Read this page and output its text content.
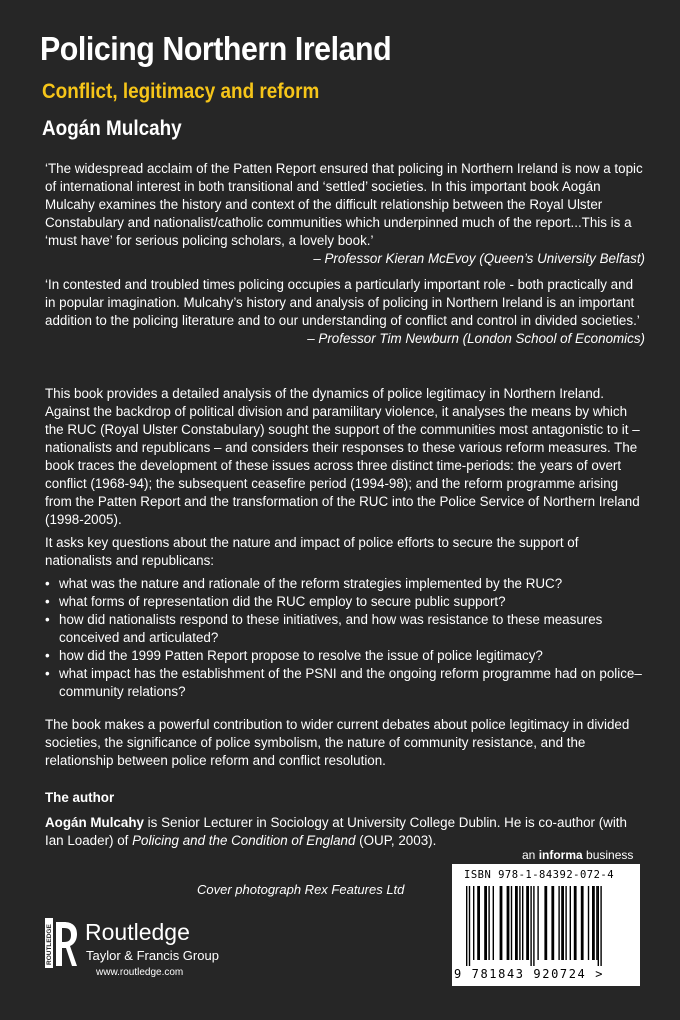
Policing Northern Ireland
Conflict, legitimacy and reform
Aogán Mulcahy

‘The widespread acclaim of the Patten Report ensured that policing in Northern Ireland is now a topic of international interest in both transitional and ‘settled’ societies. In this important book Aogán Mulcahy examines the history and context of the difficult relationship between the Royal Ulster Constabulary and nationalist/catholic communities which underpinned much of the report...This is a ‘must have’ for serious policing scholars, a lovely book.’

– Professor Kieran McEvoy (Queen’s University Belfast)

‘In contested and troubled times policing occupies a particularly important role - both practically and in popular imagination. Mulcahy’s history and analysis of policing in Northern Ireland is an important addition to the policing literature and to our understanding of conflict and control in divided societies.’

– Professor Tim Newburn (London School of Economics)

This book provides a detailed analysis of the dynamics of police legitimacy in Northern Ireland. Against the backdrop of political division and paramilitary violence, it analyses the means by which the RUC (Royal Ulster Constabulary) sought the support of the communities most antagonistic to it – nationalists and republicans – and considers their responses to these various reform measures. The book traces the development of these issues across three distinct time-periods: the years of overt conflict (1968-94); the subsequent ceasefire period (1994-98); and the reform programme arising from the Patten Report and the transformation of the RUC into the Police Service of Northern Ireland (1998-2005).

It asks key questions about the nature and impact of police efforts to secure the support of nationalists and republicans:

• what was the nature and rationale of the reform strategies implemented by the RUC?
• what forms of representation did the RUC employ to secure public support?
• how did nationalists respond to these initiatives, and how was resistance to these measures conceived and articulated?
• how did the 1999 Patten Report propose to resolve the issue of police legitimacy?
• what impact has the establishment of the PSNI and the ongoing reform programme had on police–community relations?

The book makes a powerful contribution to wider current debates about police legitimacy in divided societies, the significance of police symbolism, the nature of community resistance, and the relationship between police reform and conflict resolution.

The author
Aogán Mulcahy is Senior Lecturer in Sociology at University College Dublin. He is co-author (with Ian Loader) of Policing and the Condition of England (OUP, 2003).
an informa business
Cover photograph Rex Features Ltd
ROUTLEDGE Routledge
Taylor & Francis Group
www.routledge.com
ISBN 978-1-84392-072-4
9 781843 920724 >
